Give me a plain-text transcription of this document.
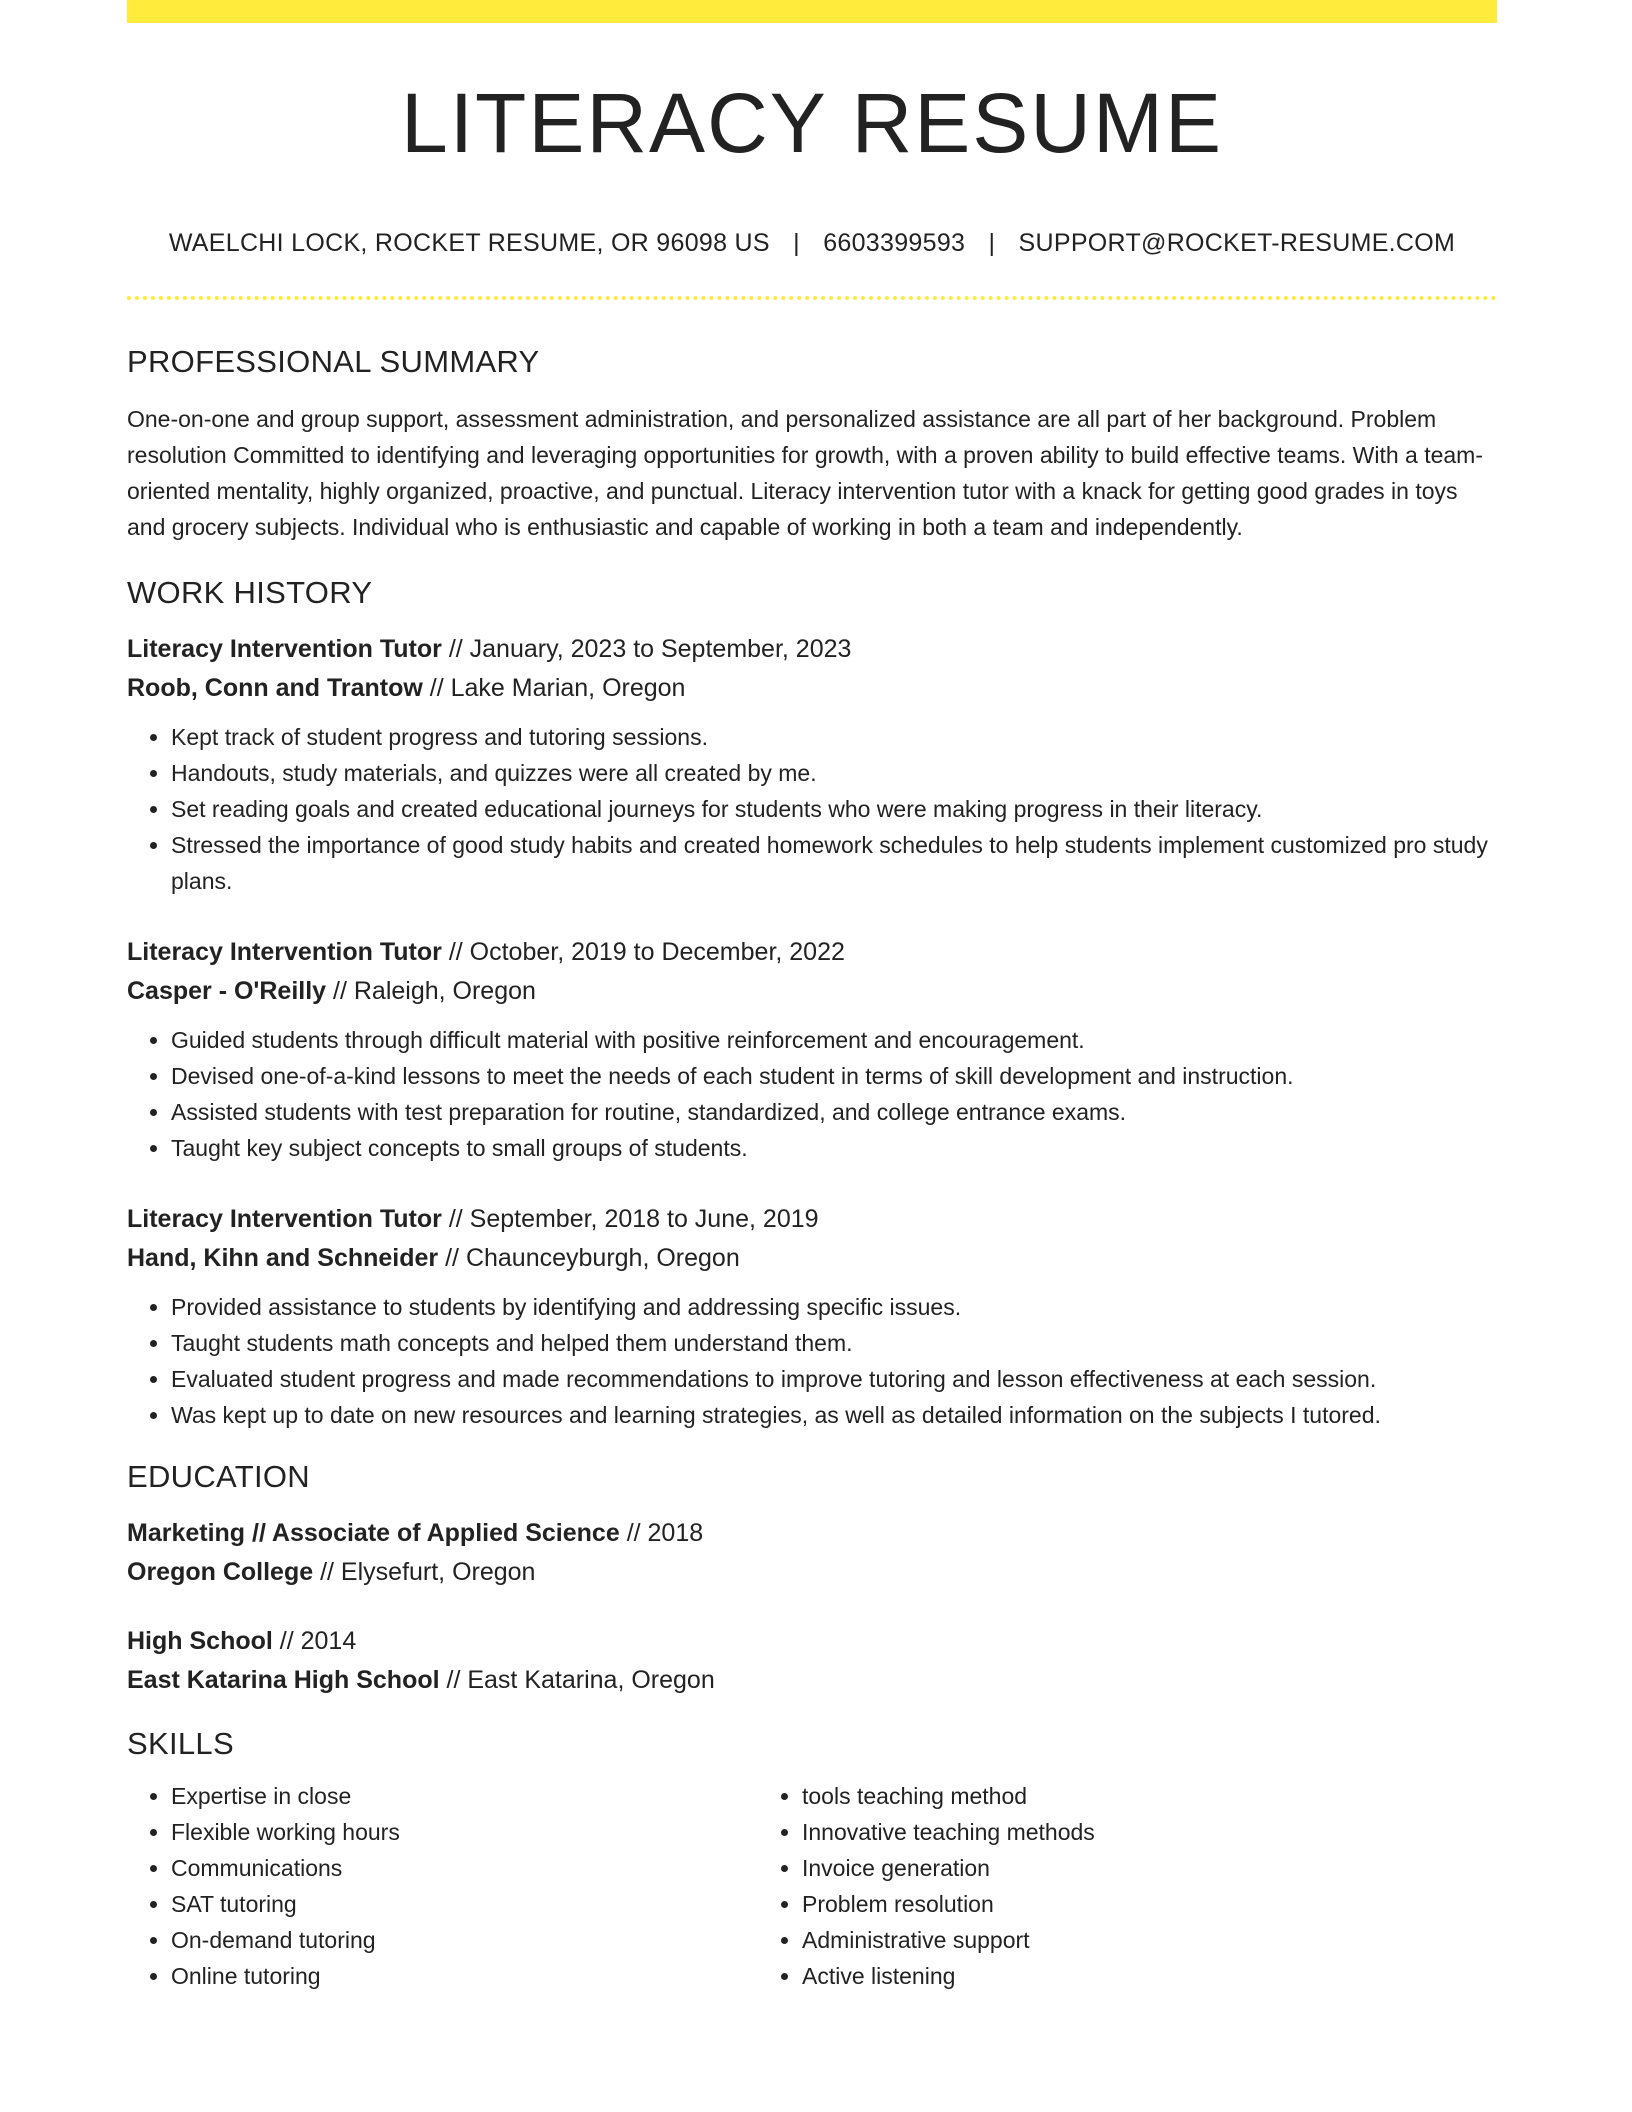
LITERACY RESUME
WAELCHI LOCK, ROCKET RESUME, OR 96098 US | 6603399593 | SUPPORT@ROCKET-RESUME.COM
PROFESSIONAL SUMMARY

One-on-one and group support, assessment administration, and personalized assistance are all part of her background. Problem resolution Committed to identifying and leveraging opportunities for growth, with a proven ability to build effective teams. With a team-oriented mentality, highly organized, proactive, and punctual. Literacy intervention tutor with a knack for getting good grades in toys and grocery subjects. Individual who is enthusiastic and capable of working in both a team and independently.

WORK HISTORY
Literacy Intervention Tutor // January, 2023 to September, 2023
Roob, Conn and Trantow // Lake Marian, Oregon
• Kept track of student progress and tutoring sessions.
• Handouts, study materials, and quizzes were all created by me.
• Set reading goals and created educational journeys for students who were making progress in their literacy.
• Stressed the importance of good study habits and created homework schedules to help students implement customized pro study plans.
Literacy Intervention Tutor // October, 2019 to December, 2022
Casper - O'Reilly // Raleigh, Oregon
• Guided students through difficult material with positive reinforcement and encouragement.
• Devised one-of-a-kind lessons to meet the needs of each student in terms of skill development and instruction.
• Assisted students with test preparation for routine, standardized, and college entrance exams.
• Taught key subject concepts to small groups of students.
Literacy Intervention Tutor // September, 2018 to June, 2019
Hand, Kihn and Schneider // Chaunceyburgh, Oregon
• Provided assistance to students by identifying and addressing specific issues.
• Taught students math concepts and helped them understand them.
• Evaluated student progress and made recommendations to improve tutoring and lesson effectiveness at each session.
• Was kept up to date on new resources and learning strategies, as well as detailed information on the subjects I tutored.
EDUCATION
Marketing // Associate of Applied Science // 2018
Oregon College // Elysefurt, Oregon
High School // 2014
East Katarina High School // East Katarina, Oregon
SKILLS
• Expertise in close
• Flexible working hours
• Communications
• SAT tutoring
• On-demand tutoring
• Online tutoring
• tools teaching method
• Innovative teaching methods
• Invoice generation
• Problem resolution
• Administrative support
• Active listening
